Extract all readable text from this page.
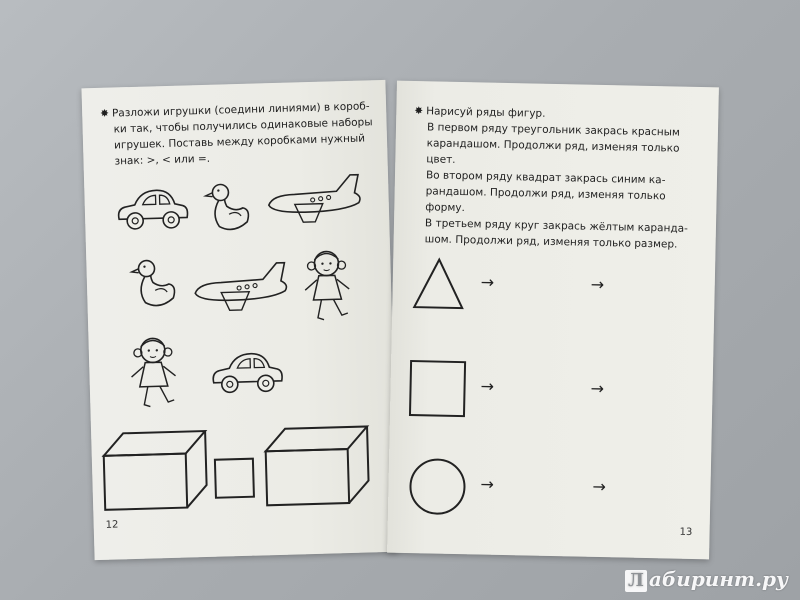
✸ Разложи игрушки (соедини линиями) в короб-
ки так, чтобы получились одинаковые наборы
игрушек. Поставь между коробками нужный
знак: >, < или =.
12
✸ Нарисуй ряды фигур.
В первом ряду треугольник закрась красным
карандашом. Продолжи ряд, изменяя только
цвет.
Во втором ряду квадрат закрась синим ка-
рандашом. Продолжи ряд, изменяя только
форму.
В третьем ряду круг закрась жёлтым каранда-
шом. Продолжи ряд, изменяя только размер.
→	→
→	→
→	→
13
Л абиринт.ру
